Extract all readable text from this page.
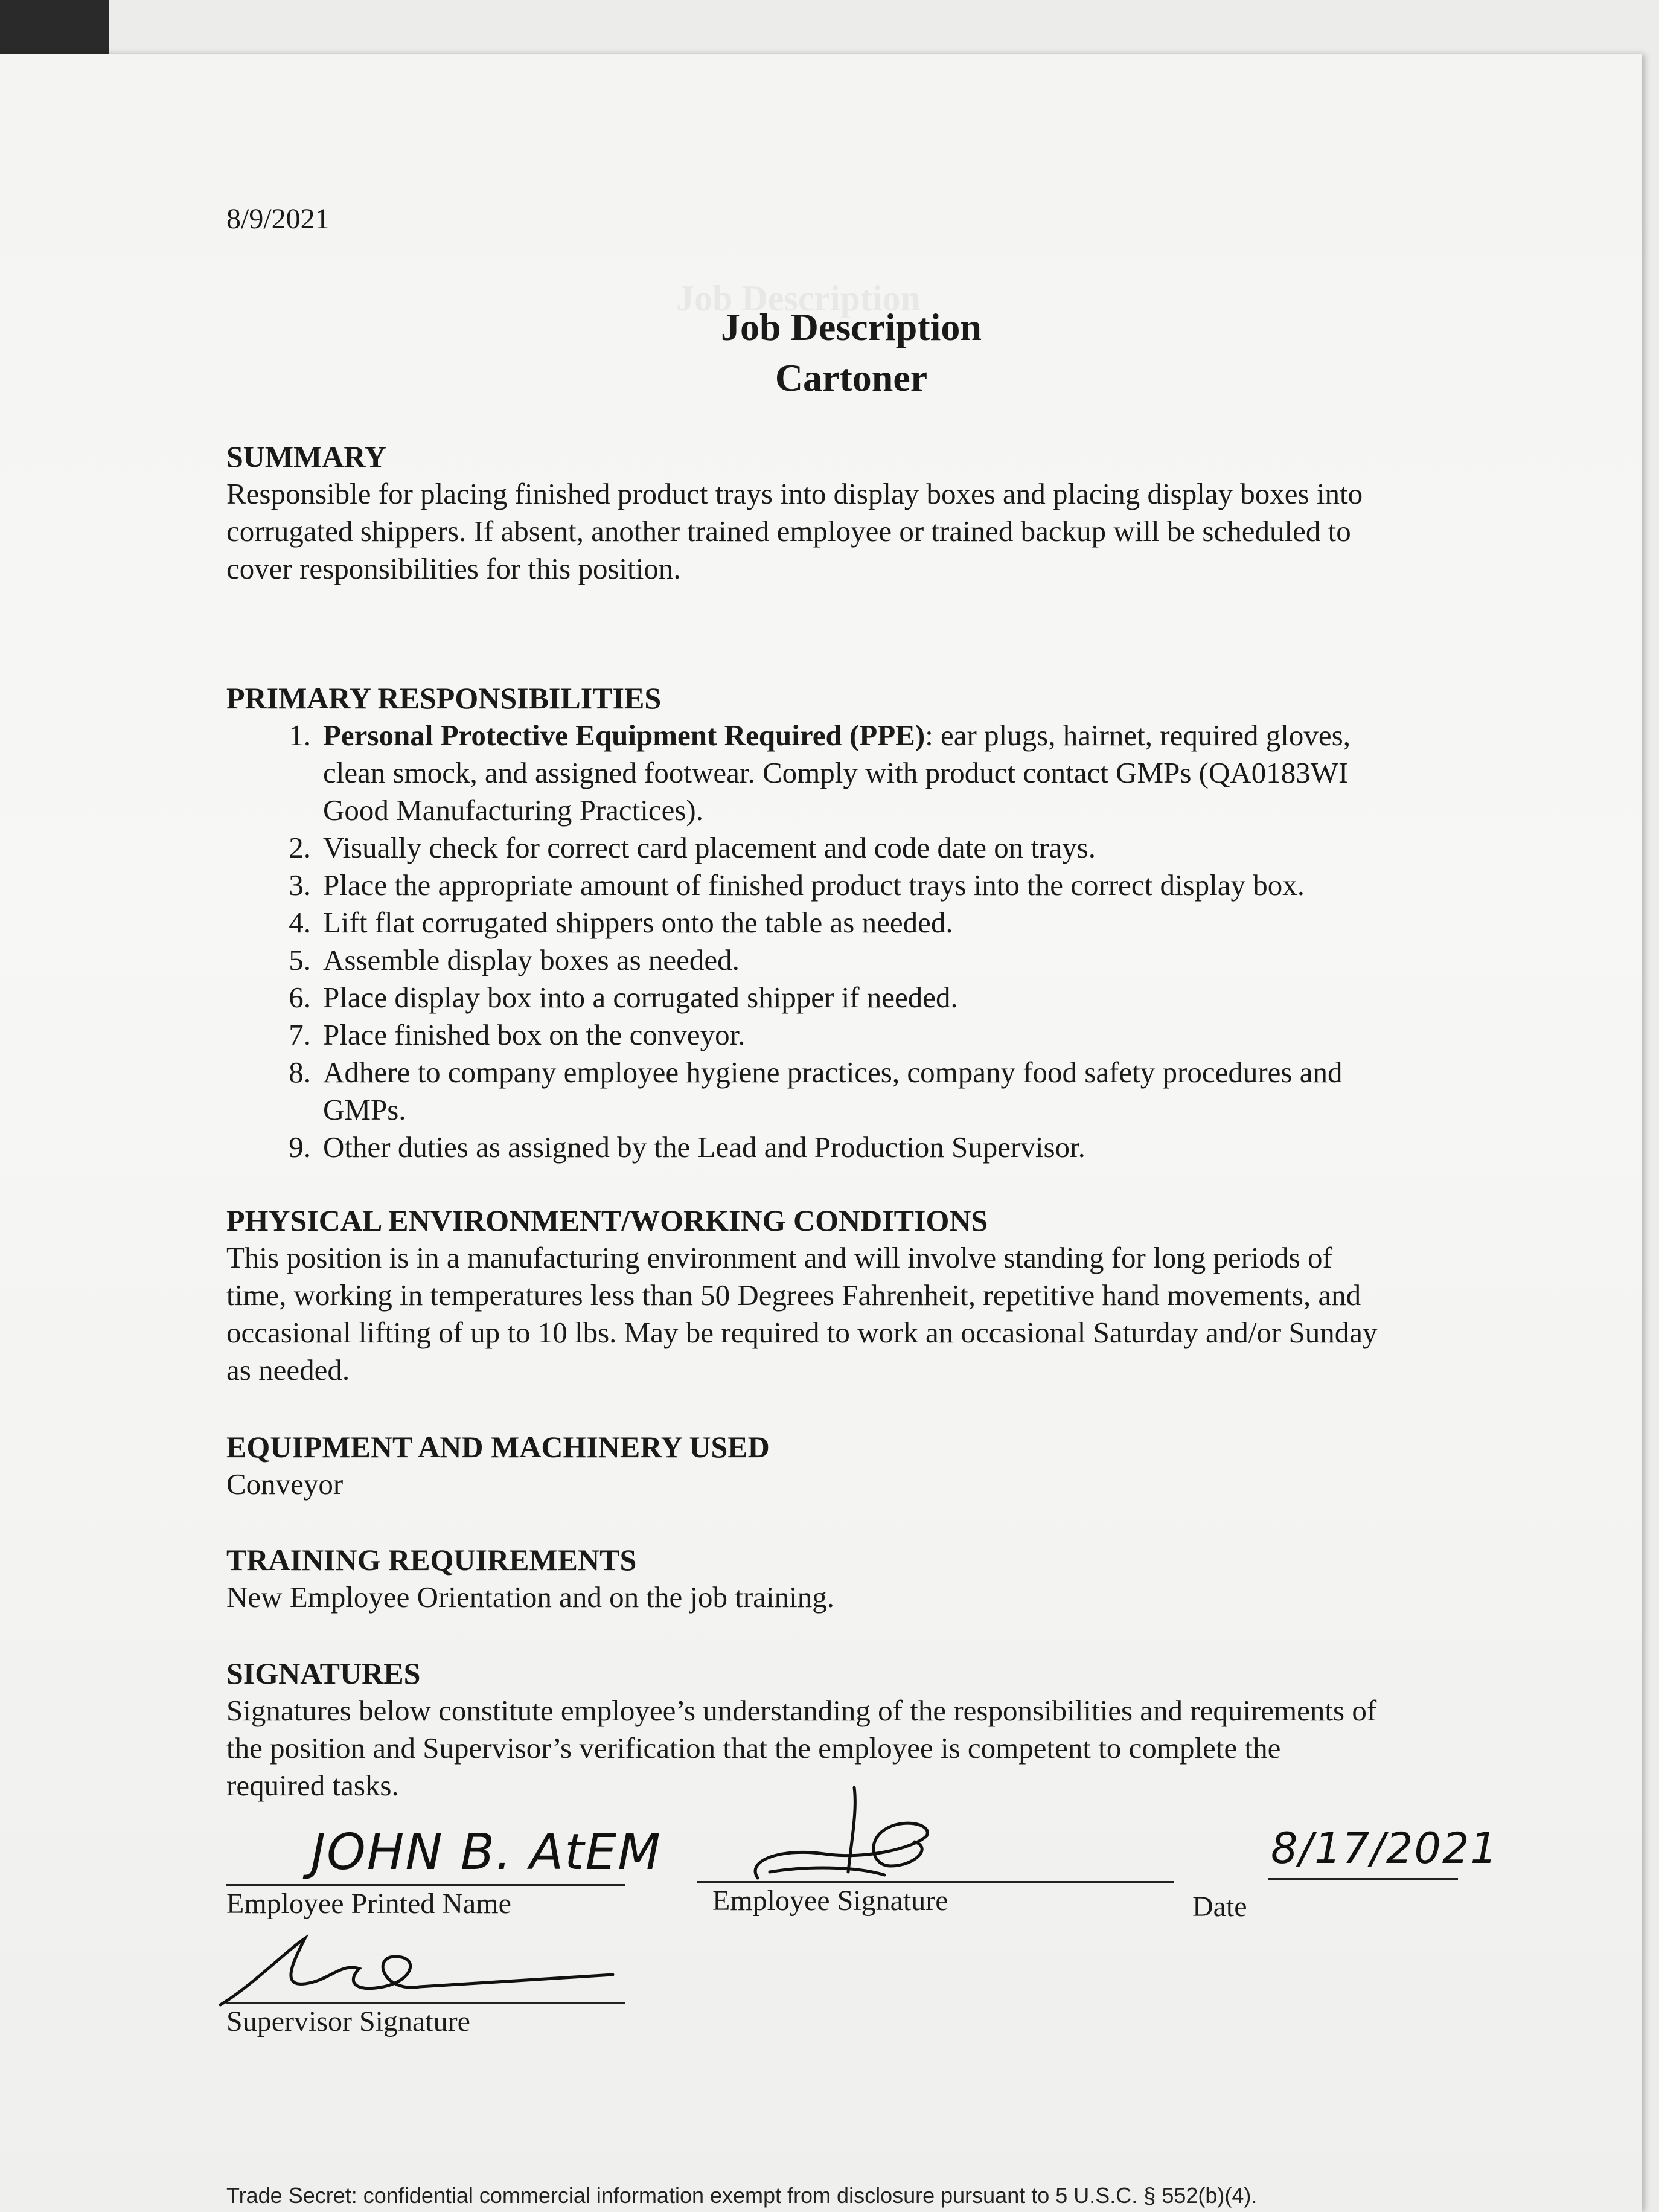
Job Description
8/9/2021
Job Description
Cartoner
SUMMARY
Responsible for placing finished product trays into display boxes and placing display boxes into
corrugated shippers. If absent, another trained employee or trained backup will be scheduled to
cover responsibilities for this position.
PRIMARY RESPONSIBILITIES
1. Personal Protective Equipment Required (PPE): ear plugs, hairnet, required gloves,
clean smock, and assigned footwear. Comply with product contact GMPs (QA0183WI
Good Manufacturing Practices).
2. Visually check for correct card placement and code date on trays.
3. Place the appropriate amount of finished product trays into the correct display box.
4. Lift flat corrugated shippers onto the table as needed.
5. Assemble display boxes as needed.
6. Place display box into a corrugated shipper if needed.
7. Place finished box on the conveyor.
8. Adhere to company employee hygiene practices, company food safety procedures and
GMPs.
9. Other duties as assigned by the Lead and Production Supervisor.
PHYSICAL ENVIRONMENT/WORKING CONDITIONS
This position is in a manufacturing environment and will involve standing for long periods of
time, working in temperatures less than 50 Degrees Fahrenheit, repetitive hand movements, and
occasional lifting of up to 10 lbs. May be required to work an occasional Saturday and/or Sunday
as needed.
EQUIPMENT AND MACHINERY USED
Conveyor
TRAINING REQUIREMENTS
New Employee Orientation and on the job training.
SIGNATURES
Signatures below constitute employee’s understanding of the responsibilities and requirements of
the position and Supervisor’s verification that the employee is competent to complete the
required tasks.
JOHN B. AtEM
Employee Printed Name	Employee Signature
8/17/2021
Date
Supervisor Signature
Trade Secret: confidential commercial information exempt from disclosure pursuant to 5 U.S.C. § 552(b)(4).
